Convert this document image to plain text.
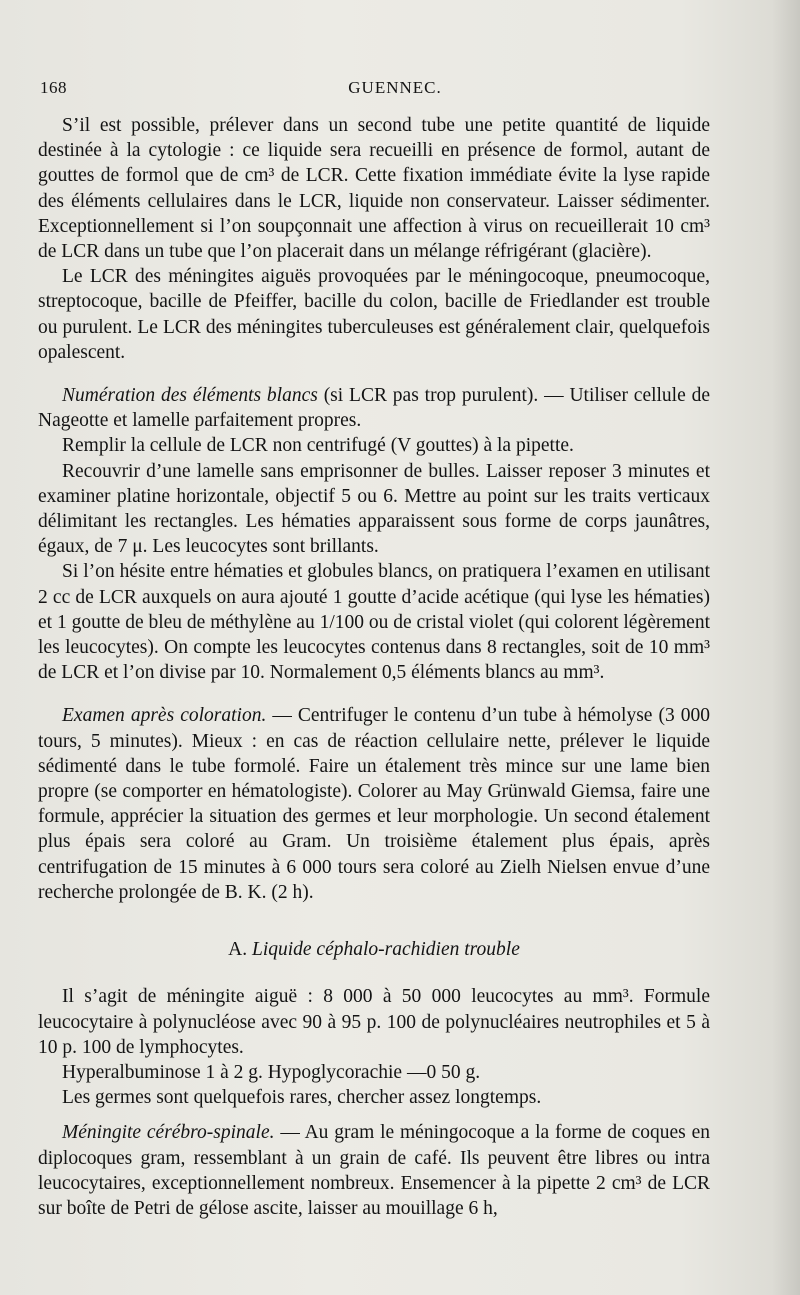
168	GUENNEC.

S’il est possible, prélever dans un second tube une petite quantité de liquide destinée à la cytologie : ce liquide sera recueilli en présence de formol, autant de gouttes de formol que de cm³ de LCR. Cette fixation immédiate évite la lyse rapide des éléments cellulaires dans le LCR, liquide non conservateur. Laisser sédimenter. Exceptionnellement si l’on soupçonnait une affection à virus on recueillerait 10 cm³ de LCR dans un tube que l’on placerait dans un mélange réfrigérant (glacière).

Le LCR des méningites aiguës provoquées par le méningocoque, pneumocoque, streptocoque, bacille de Pfeiffer, bacille du colon, bacille de Friedlander est trouble ou purulent. Le LCR des méningites tuberculeuses est généralement clair, quelquefois opalescent.

Numération des éléments blancs (si LCR pas trop purulent). — Utiliser cellule de Nageotte et lamelle parfaitement propres.

Remplir la cellule de LCR non centrifugé (V gouttes) à la pipette.

Recouvrir d’une lamelle sans emprisonner de bulles. Laisser reposer 3 minutes et examiner platine horizontale, objectif 5 ou 6. Mettre au point sur les traits verticaux délimitant les rectangles. Les hématies apparaissent sous forme de corps jaunâtres, égaux, de 7 μ. Les leucocytes sont brillants.

Si l’on hésite entre hématies et globules blancs, on pratiquera l’examen en utilisant 2 cc de LCR auxquels on aura ajouté 1 goutte d’acide acétique (qui lyse les hématies) et 1 goutte de bleu de méthylène au 1/100 ou de cristal violet (qui colorent légèrement les leucocytes). On compte les leucocytes contenus dans 8 rectangles, soit de 10 mm³ de LCR et l’on divise par 10. Normalement 0,5 éléments blancs au mm³.

Examen après coloration. — Centrifuger le contenu d’un tube à hémolyse (3 000 tours, 5 minutes). Mieux : en cas de réaction cellulaire nette, prélever le liquide sédimenté dans le tube formolé. Faire un étalement très mince sur une lame bien propre (se comporter en hématologiste). Colorer au May Grünwald Giemsa, faire une formule, apprécier la situation des germes et leur morphologie. Un second étalement plus épais sera coloré au Gram. Un troisième étalement plus épais, après centrifugation de 15 minutes à 6 000 tours sera coloré au Zielh Nielsen envue d’une recherche prolongée de B. K. (2 h).

A. Liquide céphalo-rachidien trouble

Il s’agit de méningite aiguë : 8 000 à 50 000 leucocytes au mm³. Formule leucocytaire à polynucléose avec 90 à 95 p. 100 de polynucléaires neutrophiles et 5 à 10 p. 100 de lymphocytes.

Hyperalbuminose 1 à 2 g. Hypoglycorachie —0 50 g.

Les germes sont quelquefois rares, chercher assez longtemps.

Méningite cérébro-spinale. — Au gram le méningocoque a la forme de coques en diplocoques gram, ressemblant à un grain de café. Ils peuvent être libres ou intra leucocytaires, exceptionnellement nombreux. Ensemencer à la pipette 2 cm³ de LCR sur boîte de Petri de gélose ascite, laisser au mouillage 6 h,
